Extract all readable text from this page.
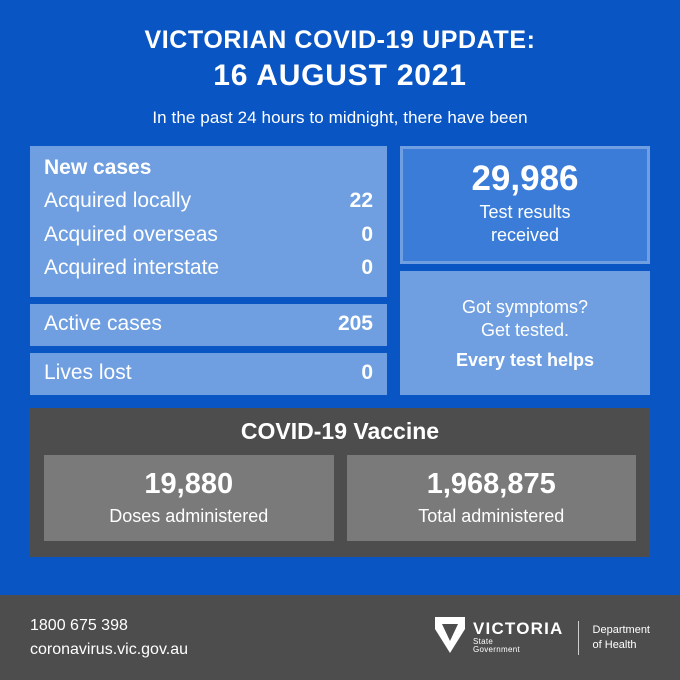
VICTORIAN COVID-19 UPDATE:
16 AUGUST 2021
In the past 24 hours to midnight, there have been
New cases
Acquired locally	22
Acquired overseas	0
Acquired interstate	0
Active cases	205
Lives lost	0
29,986
Test results
received
Got symptoms?
Get tested.
Every test helps
COVID-19 Vaccine
19,880
Doses administered
1,968,875
Total administered
1800 675 398
coronavirus.vic.gov.au
VICTORIA
State
Government
Department
of Health
